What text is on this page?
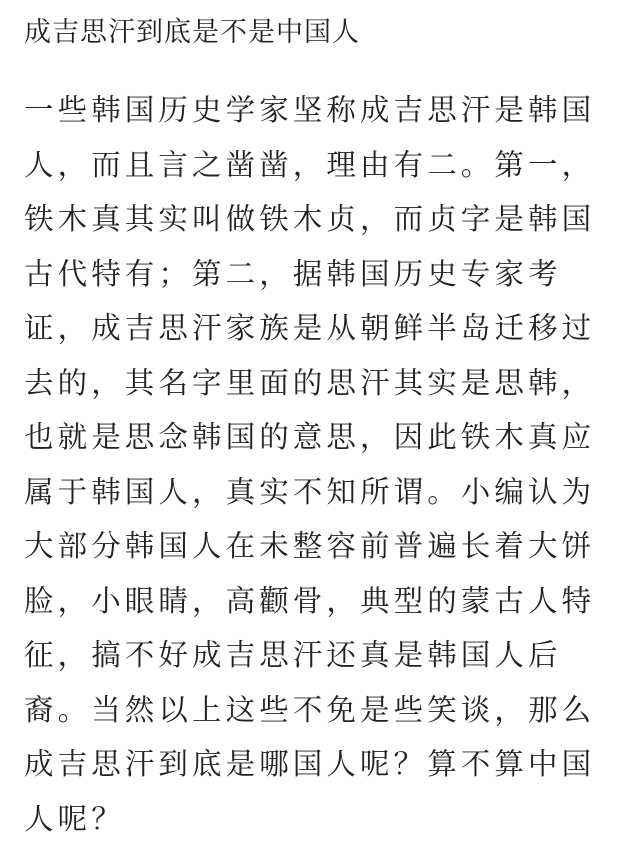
成吉思汗到底是不是中国人
一些韩国历史学家坚称成吉思汗是韩国
人，而且言之凿凿，理由有二。第一，
铁木真其实叫做铁木贞，而贞字是韩国
古代特有；第二，据韩国历史专家考
证，成吉思汗家族是从朝鲜半岛迁移过
去的，其名字里面的思汗其实是思韩，
也就是思念韩国的意思，因此铁木真应
属于韩国人，真实不知所谓。小编认为
大部分韩国人在未整容前普遍长着大饼
脸，小眼睛，高颧骨，典型的蒙古人特
征，搞不好成吉思汗还真是韩国人后
裔。当然以上这些不免是些笑谈，那么
成吉思汗到底是哪国人呢？算不算中国
人呢？
